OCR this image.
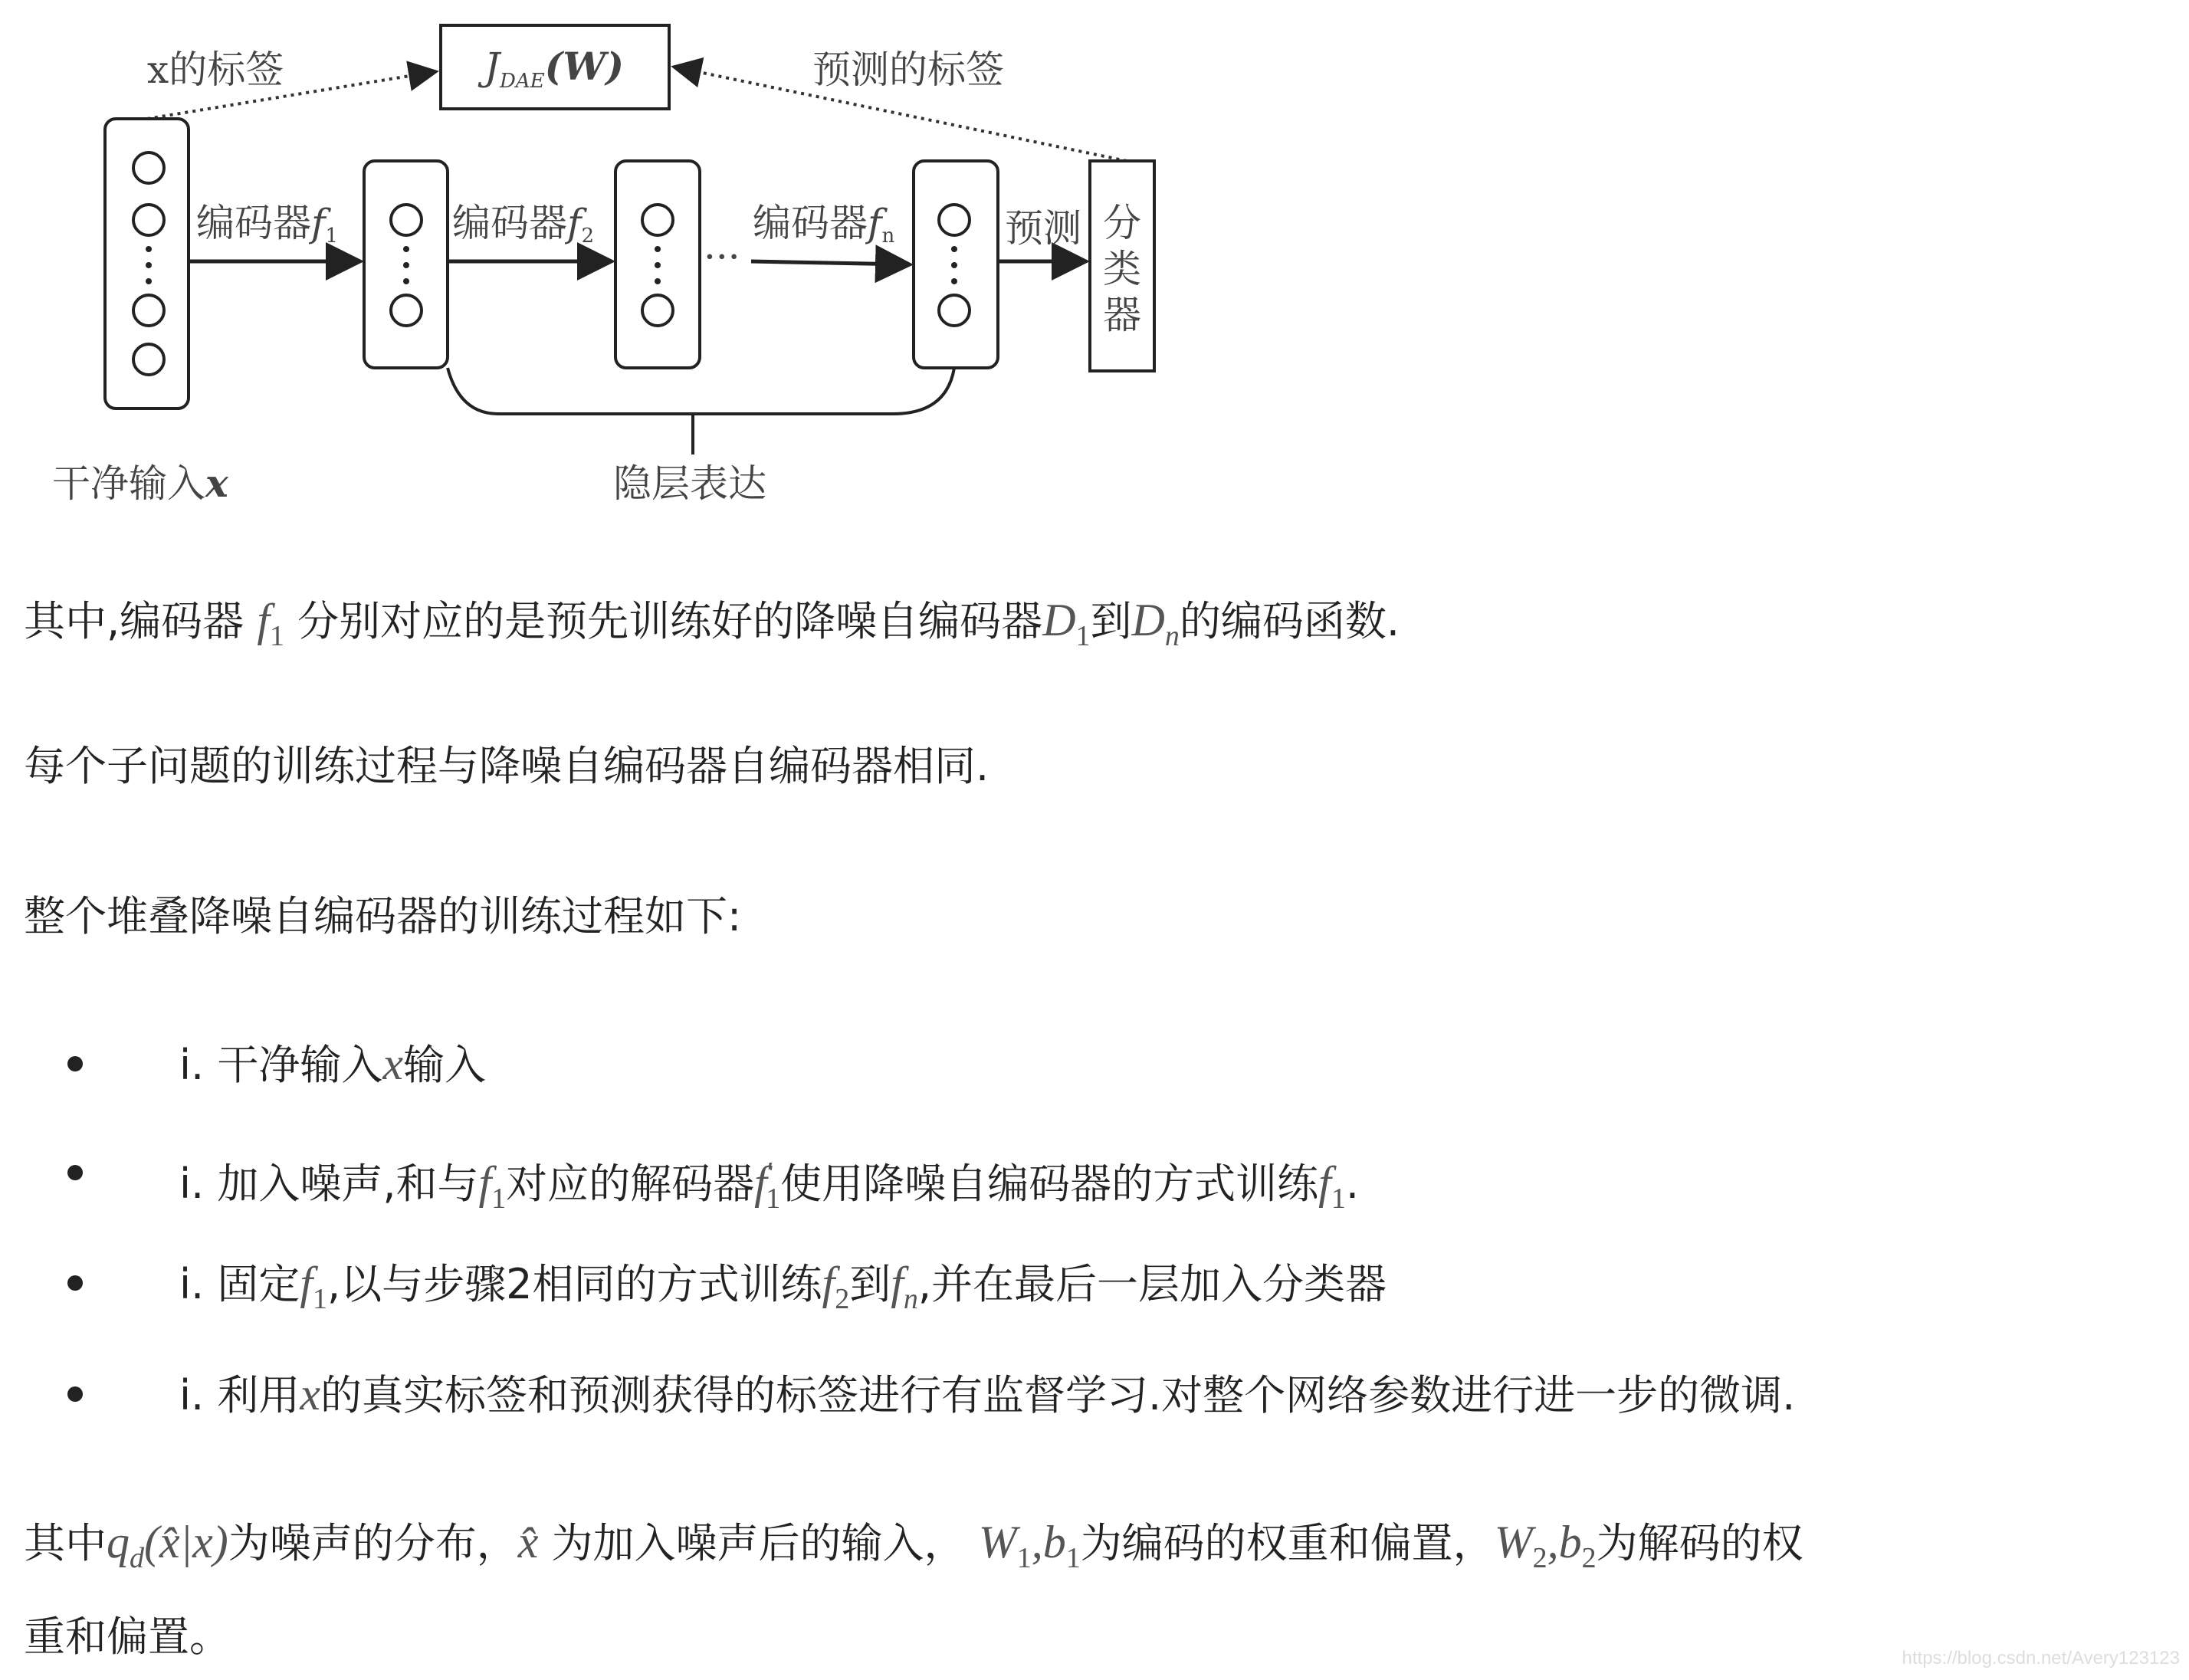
$J_{DAE}(W)$
x的标签	预测的标签
编码器f1	编码器f2	编码器fn
···
预测 分
类
器
干净输入x	隐层表达
其中,编码器 $f_1$ 分别对应的是预先训练好的降噪自编码器$D_1$到$D_n$的编码函数.
每个子问题的训练过程与降噪自编码器自编码器相同.
整个堆叠降噪自编码器的训练过程如下:
i. 干净输入x输入
i. 加入噪声,和与$f_1$对应的解码器$f'_1$使用降噪自编码器的方式训练$f_1$.
i. 固定$f_1$,以与步骤2相同的方式训练$f_2$到$f_n$,并在最后一层加入分类器
i. 利用x的真实标签和预测获得的标签进行有监督学习.对整个网络参数进行进一步的微调.
其中$q_d(x̂|x)$为噪声的分布，x̂ 为加入噪声后的输入， $W_1,b_1$为编码的权重和偏置，$W_2,b_2$为解码的权
重和偏置。	https://blog.csdn.net/Avery123123
